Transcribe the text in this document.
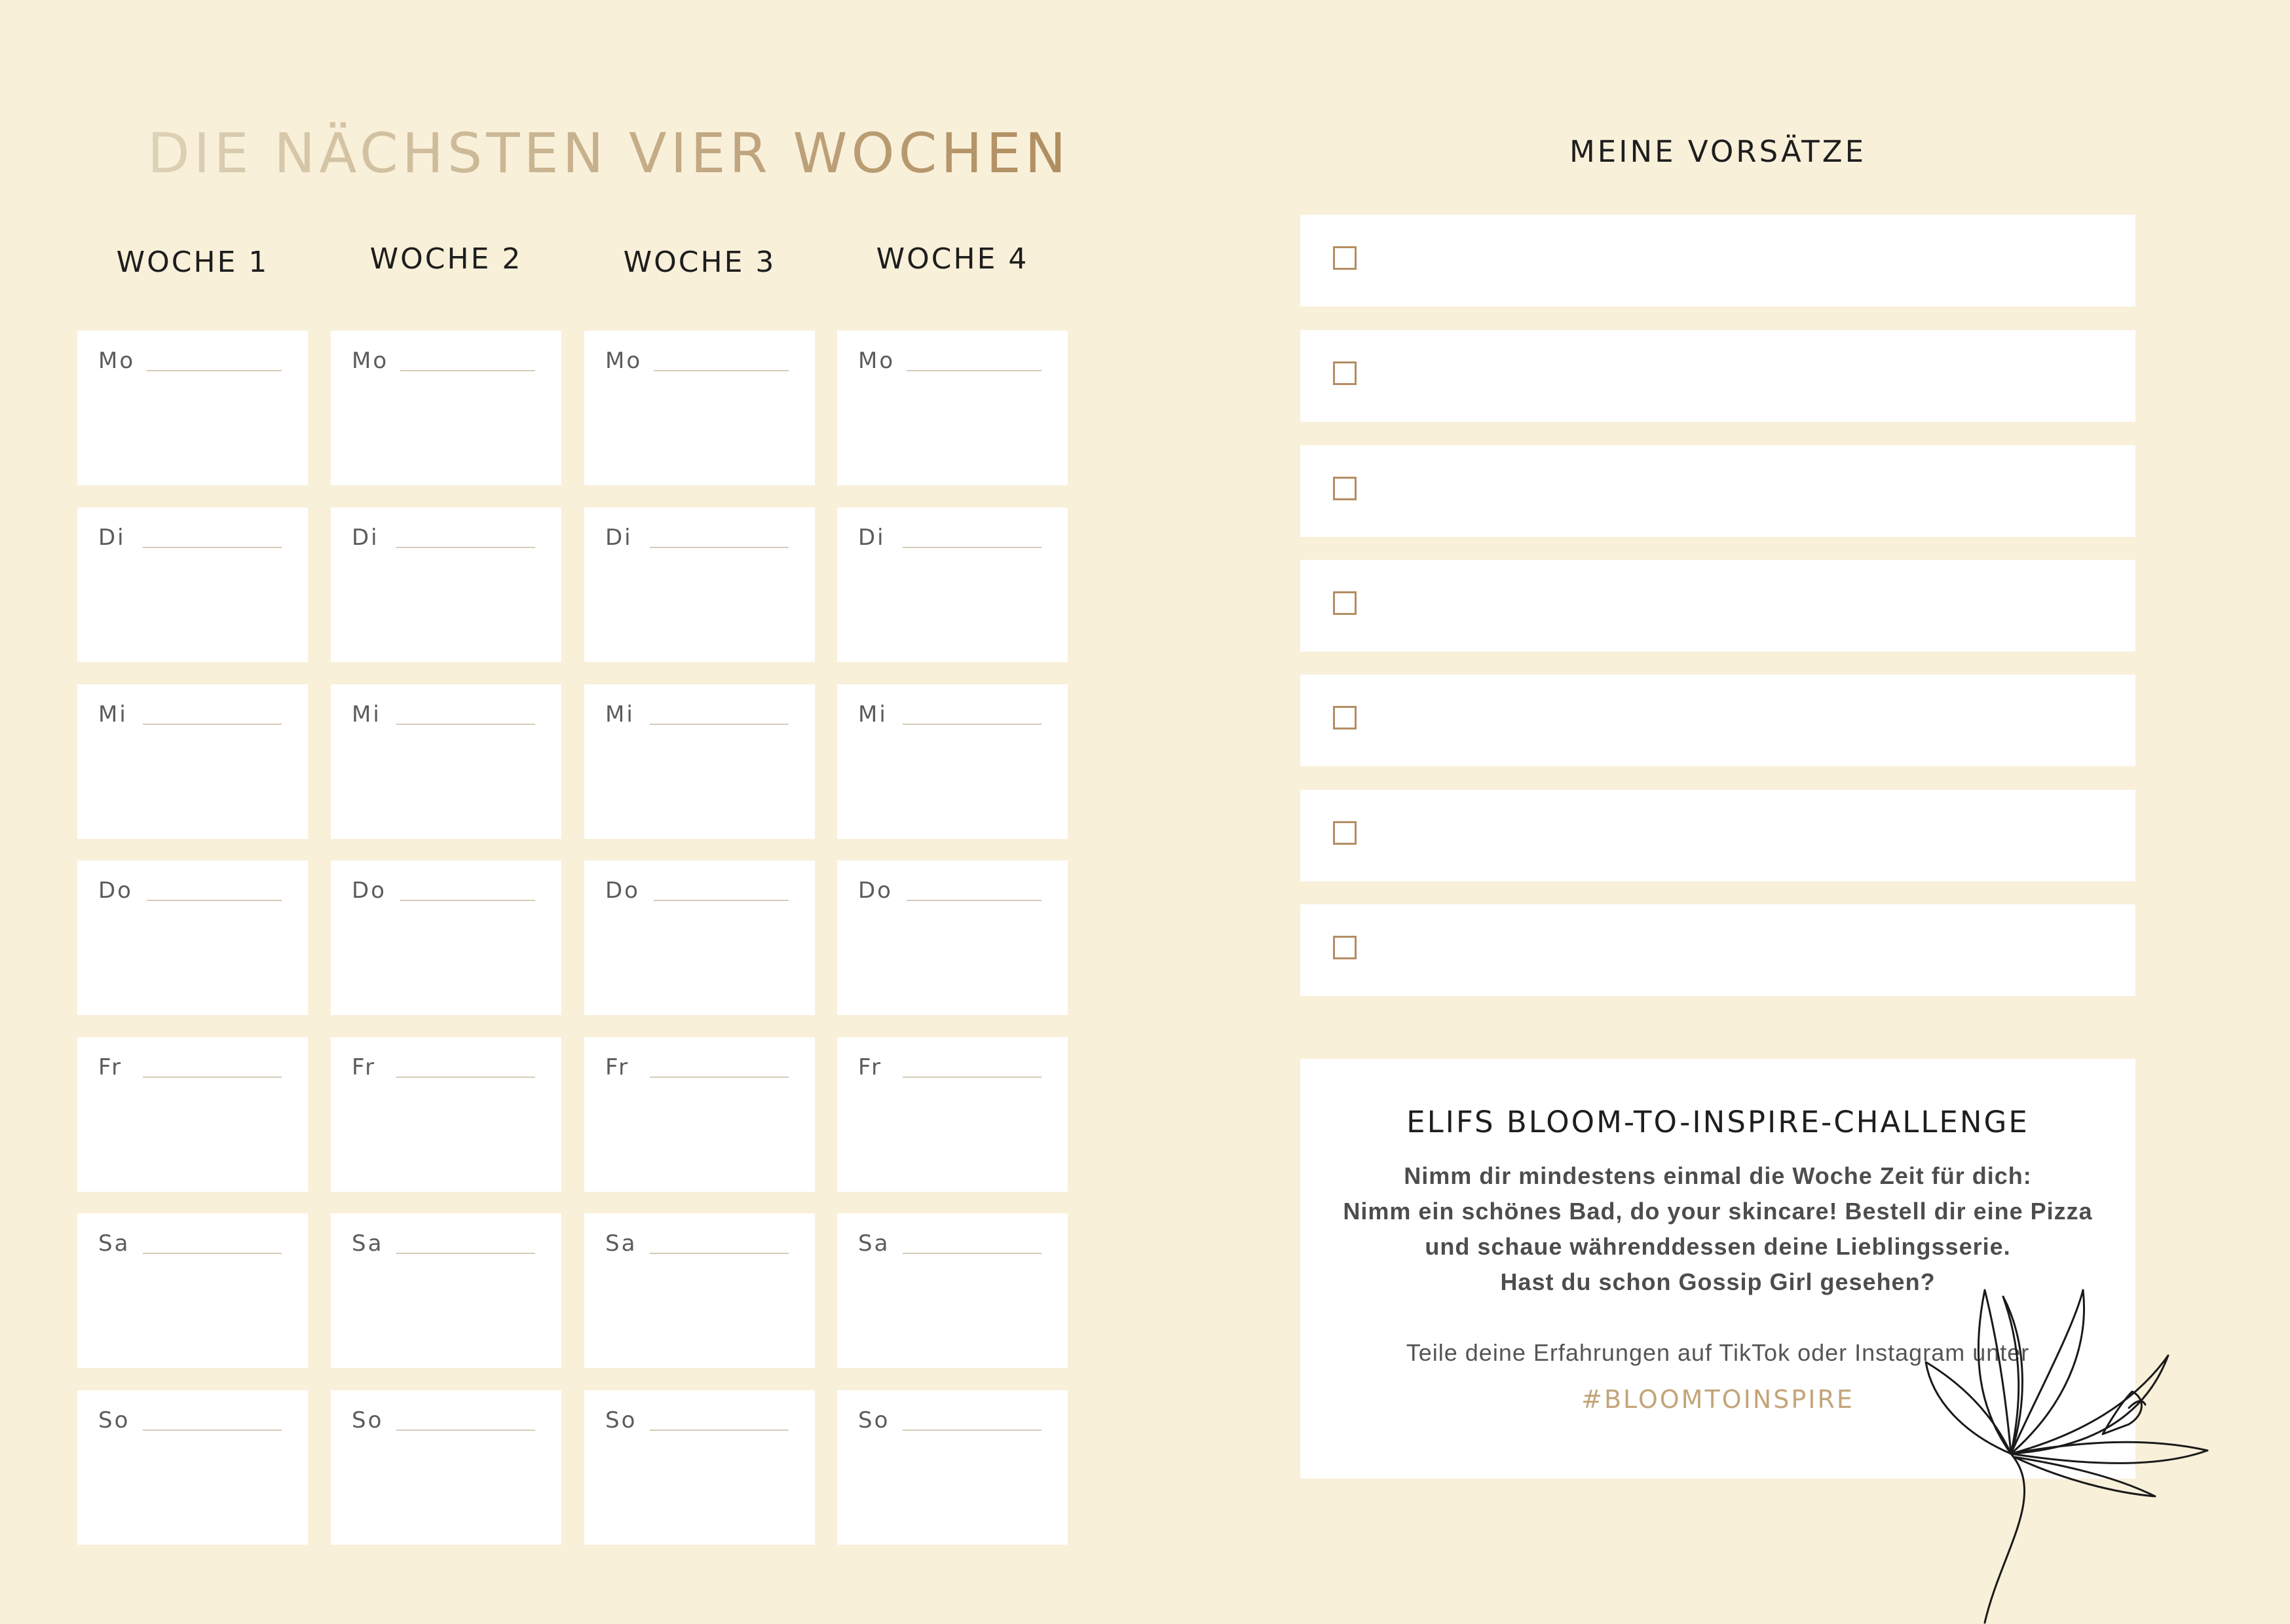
DIE NÄCHSTEN VIER WOCHEN
WOCHE 1
Mo
Di
Mi
Do
Fr
Sa
So
WOCHE 2
Mo
Di
Mi
Do
Fr
Sa
So
WOCHE 3
Mo
Di
Mi
Do
Fr
Sa
So
WOCHE 4
Mo
Di
Mi
Do
Fr
Sa
So
MEINE VORSÄTZE
ELIFS BLOOM-TO-INSPIRE-CHALLENGE
Nimm dir mindestens einmal die Woche Zeit für dich:
Nimm ein schönes Bad, do your skincare! Bestell dir eine Pizza
und schaue währenddessen deine Lieblingsserie.
Hast du schon Gossip Girl gesehen?
Teile deine Erfahrungen auf TikTok oder Instagram unter
#BLOOMTOINSPIRE
